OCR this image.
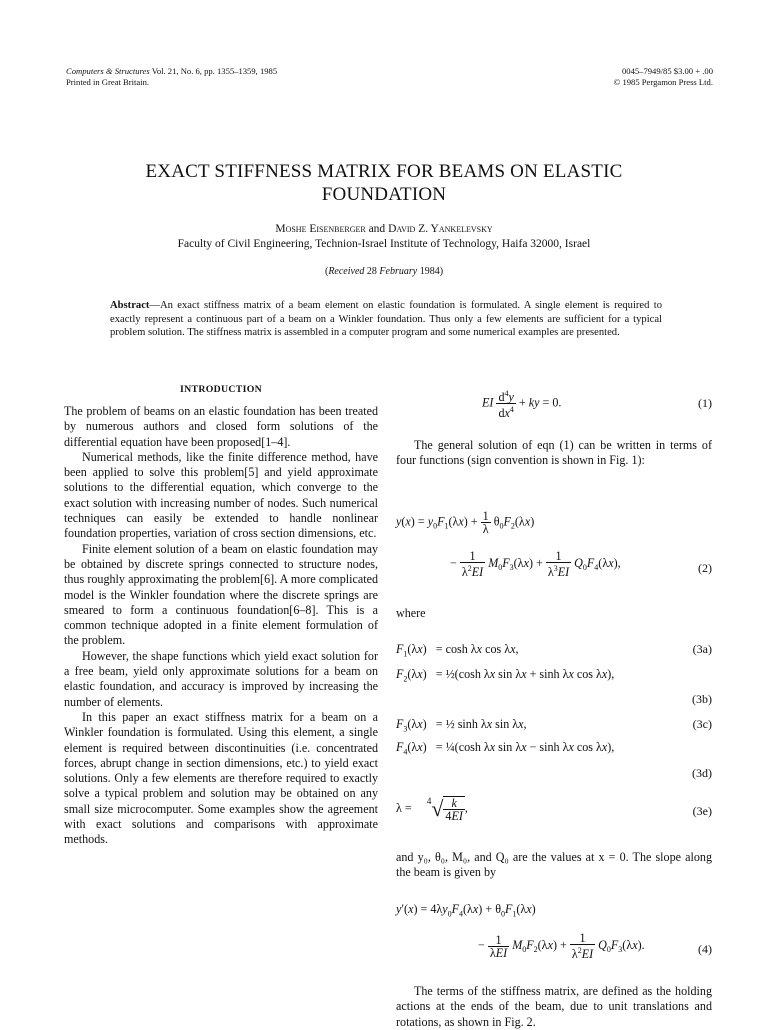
Computers & Structures Vol. 21, No. 6, pp. 1355–1359, 1985
Printed in Great Britain.
0045–7949/85 $3.00 + .00
© 1985 Pergamon Press Ltd.
EXACT STIFFNESS MATRIX FOR BEAMS ON ELASTIC
FOUNDATION
Moshe Eisenberger and David Z. Yankelevsky
Faculty of Civil Engineering, Technion-Israel Institute of Technology, Haifa 32000, Israel
(Received 28 February 1984)
Abstract—An exact stiffness matrix of a beam element on elastic foundation is formulated. A single element is required to exactly represent a continuous part of a beam on a Winkler foundation. Thus only a few elements are sufficient for a typical problem solution. The stiffness matrix is assembled in a computer program and some numerical examples are presented.
INTRODUCTION

The problem of beams on an elastic foundation has been treated by numerous authors and closed form solutions of the differential equation have been proposed[1–4].

Numerical methods, like the finite difference method, have been applied to solve this problem[5] and yield approximate solutions to the differential equation, which converge to the exact solution with increasing number of nodes. Such numerical techniques can easily be extended to handle nonlinear foundation properties, variation of cross section dimensions, etc.

Finite element solution of a beam on elastic foundation may be obtained by discrete springs connected to structure nodes, thus roughly approximating the problem[6]. A more complicated model is the Winkler foundation where the discrete springs are smeared to form a continuous foundation[6–8]. This is a common technique adopted in a finite element formulation of the problem.

However, the shape functions which yield exact solution for a free beam, yield only approximate solutions for a beam on elastic foundation, and accuracy is improved by increasing the number of elements.

In this paper an exact stiffness matrix for a beam on a Winkler foundation is formulated. Using this element, a single element is required between discontinuities (i.e. concentrated forces, abrupt change in section dimensions, etc.) to yield exact solutions. Only a few elements are therefore required to exactly solve a typical problem and solution may be obtained on any small size microcomputer. Some examples show the agreement with exact solutions and comparisons with approximate methods.

EI $\frac{d^4y}{dx^4}$ + ky = 0.	(1)

The general solution of eqn (1) can be written in terms of four functions (sign convention is shown in Fig. 1):

$y(x) = y_0F_1(\lambda x) + \frac{1}{\lambda} \theta_0F_2(\lambda x)$
− $\frac{1}{\lambda^2EI} M_0F_3(\lambda x) + \frac{1}{\lambda^3EI} Q_0F_4(\lambda x)$,	(2)
where
$F_1(\lambda x) = \cosh \lambda x$ cos λx,	(3a)
$F_2(\lambda x)$   = ½(cosh λx sin λx + sinh λx cos λx),
(3b)
$F_3(\lambda x)$   = ½ sinh λx sin λx,	(3c)
$F_4(\lambda x)$   = ¼(cosh λx sin λx − sinh λx cos λx),
(3d)
λ =     $^4√ \frac{k}{4EI}$ ,	(3e)

and y₀, θ₀, M₀, and Q₀ are the values at x = 0. The slope along the beam is given by

$y'(x) = 4\lambda y_0F_4(\lambda x) + \theta_0F_1(\lambda x)$
− $\frac{1}{\text{λEI}} M_0F_2(\lambda x) + \frac{1}{\lambda^2EI} Q_0F_3(\lambda x)$.	(4)

The terms of the stiffness matrix, are defined as the holding actions at the ends of the beam, due to unit translations and rotations, as shown in Fig. 2.
